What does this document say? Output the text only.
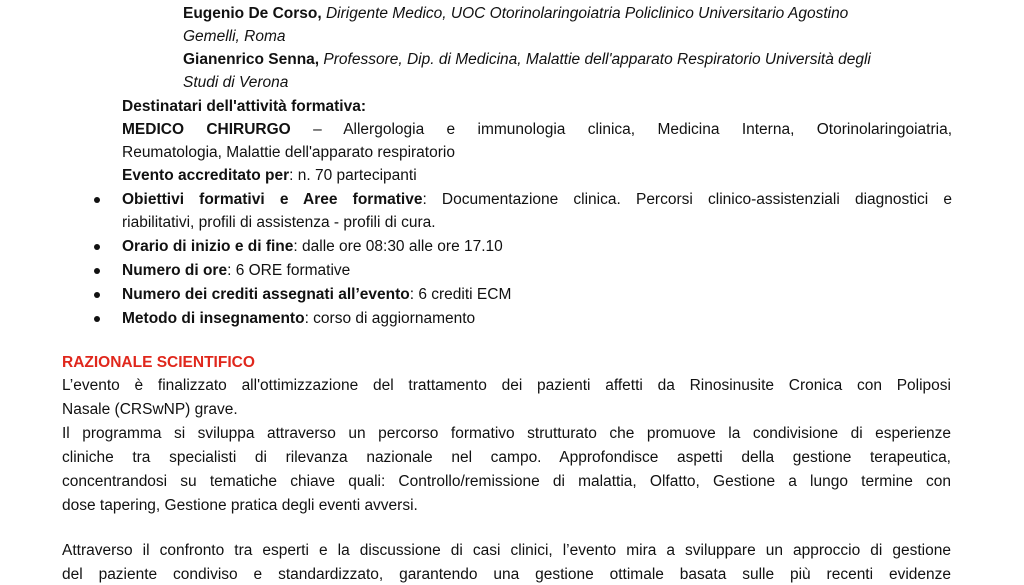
Eugenio De Corso, Dirigente Medico, UOC Otorinolaringoiatria Policlinico Universitario Agostino
Gemelli, Roma
Gianenrico Senna, Professore, Dip. di Medicina, Malattie dell'apparato Respiratorio Università degli
Studi di Verona
Destinatari dell'attività formativa:
MEDICO CHIRURGO – Allergologia e immunologia clinica, Medicina Interna, Otorinolaringoiatria,
Reumatologia, Malattie dell'apparato respiratorio
Evento accreditato per: n. 70 partecipanti
Obiettivi formativi e Aree formative: Documentazione clinica. Percorsi clinico-assistenziali diagnostici e
riabilitativi, profili di assistenza - profili di cura.
Orario di inizio e di fine: dalle ore 08:30 alle ore 17.10
Numero di ore: 6 ORE formative
Numero dei crediti assegnati all’evento: 6 crediti ECM
Metodo di insegnamento: corso di aggiornamento
RAZIONALE SCIENTIFICO
L’evento è finalizzato all'ottimizzazione del trattamento dei pazienti affetti da Rinosinusite Cronica con Poliposi
Nasale (CRSwNP) grave.
Il programma si sviluppa attraverso un percorso formativo strutturato che promuove la condivisione di esperienze
cliniche tra specialisti di rilevanza nazionale nel campo. Approfondisce aspetti della gestione terapeutica,
concentrandosi su tematiche chiave quali: Controllo/remissione di malattia, Olfatto, Gestione a lungo termine con
dose tapering, Gestione pratica degli eventi avversi.
Attraverso il confronto tra esperti e la discussione di casi clinici, l’evento mira a sviluppare un approccio di gestione
del paziente condiviso e standardizzato, garantendo una gestione ottimale basata sulle più recenti evidenze
